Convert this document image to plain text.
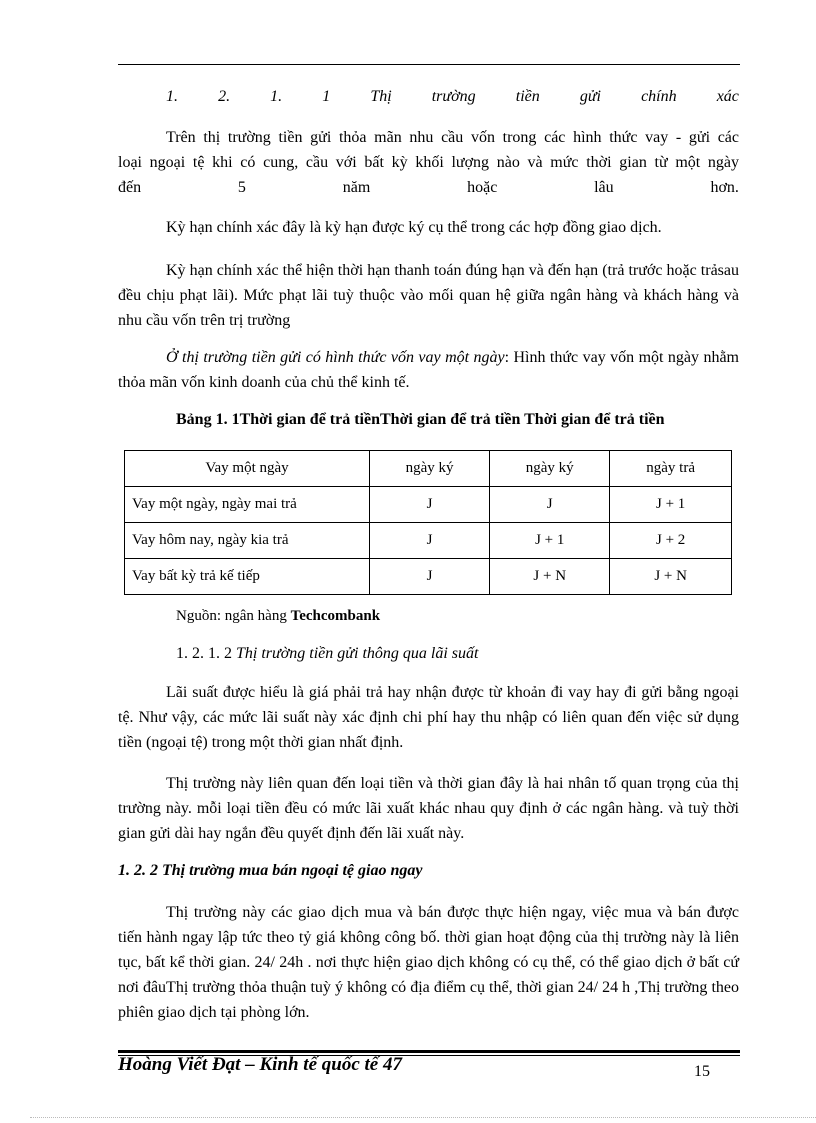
1.	2.	1.	1	Thị	trường	tiền	gửi	chính	xác

Trên thị trường tiền gửi thỏa mãn nhu cầu vốn trong các hình thức vay - gửi các
loại ngoại tệ khi có cung, cầu với bất kỳ khối lượng nào và mức thời gian từ một ngày
đến	5	năm	hoặc	lâu	hơn.

Kỳ hạn chính xác đây là kỳ hạn được ký cụ thể trong các hợp đồng giao dịch.

Kỳ hạn chính xác thể hiện thời hạn thanh toán đúng hạn và đến hạn (trả trước hoặc trảsau đều chịu phạt lãi). Mức phạt lãi tuỳ thuộc vào mối quan hệ giữa ngân hàng và khách hàng và nhu cầu vốn trên trị trường

Ở thị trường tiền gửi có hình thức vốn vay một ngày: Hình thức vay vốn một ngày nhằm thỏa mãn vốn kinh doanh của chủ thể kinh tế.

Bảng 1. 1Thời gian để trả tiềnThời gian để trả tiền Thời gian để trả tiền
Vay một ngày	ngày ký	ngày ký	ngày trả
Vay một ngày, ngày mai trả	J	J	J + 1
Vay hôm nay, ngày kia trả	J	J + 1	J + 2
Vay bất kỳ trả kế tiếp	J	J + N	J + N
Nguồn: ngân hàng Techcombank
1. 2. 1. 2 Thị trường tiền gửi thông qua lãi suất

Lãi suất được hiểu là giá phải trả hay nhận được từ khoản đi vay hay đi gửi bằng ngoại tệ. Như vậy, các mức lãi suất này xác định chi phí hay thu nhập có liên quan đến việc sử dụng tiền (ngoại tệ) trong một thời gian nhất định.

Thị trường này liên quan đến loại tiền và thời gian đây là hai nhân tố quan trọng của thị trường này. mỗi loại tiền đều có mức lãi xuất khác nhau quy định ở các ngân hàng. và tuỳ thời gian gửi dài hay ngắn đều quyết định đến lãi xuất này.

1. 2. 2 Thị trường mua bán ngoại tệ giao ngay

Thị trường này các giao dịch mua và bán được thực hiện ngay, việc mua và bán được tiến hành ngay lập tức theo tỷ giá không công bố. thời gian hoạt động của thị trường này là liên tục, bất kể thời gian. 24/ 24h . nơi thực hiện giao dịch không có cụ thể, có thể giao dịch ở bất cứ nơi đâuThị trường thỏa thuận tuỳ ý không có địa điểm cụ thể, thời gian 24/ 24 h ,Thị trường theo phiên giao dịch tại phòng lớn.

Hoàng Viết Đạt – Kinh tế quốc tế 47	15
